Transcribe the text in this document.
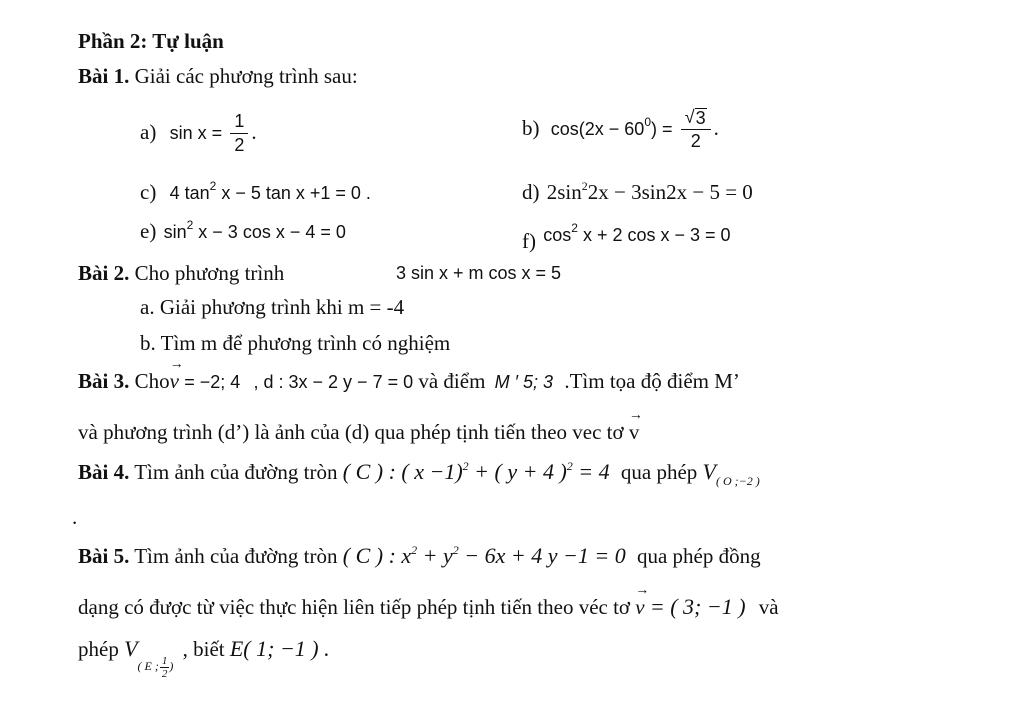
Phần 2: Tự luận
Bài 1. Giải các phương trình sau:
a) $\sin x = \frac{1}{2}$ .	b) $\cos(2x - 60^0) = \frac{√ 3}{2}$ .
c) 4 $\tan^2 x - 5$ tan x +1 = 0 .	d) $2\sin^22x - 3\sin 2x - 5 = 0$
e) $\sin^2 x - 3$ cos x − 4 = 0	f) $\cos^2 x + 2$ cos x − 3 = 0
Bài 2. Cho phương trình	3 sin x + m cos x = 5
a. Giải phương trình khi m = -4
b. Tìm m để phương trình có nghiệm
Bài 3. Cho→ v = −2; 4 , d : 3x − 2 y − 7 = 0 và điểm M ′ 5; 3 .Tìm tọa độ điểm M’
và phương trình (d’) là ảnh của (d) qua phép tịnh tiến theo vec tơ → v
Bài 4. Tìm ảnh của đường tròn ( C ) : ( x −1)$^2$ + ( y + 4 )$^2$ = 4 qua phép $V_{( O ;-2 )}$
.
Bài 5. Tìm ảnh của đường tròn ( C ) : $x^2 + y^2 - 6x + 4$ y −1 = 0 qua phép đồng
dạng có được từ việc thực hiện liên tiếp phép tịnh tiến theo véc tơ → v = ( 3; −1 ) và
phép $V_{( E ; \frac{1}{2} )}$ , biết E( 1; −1 ) .
